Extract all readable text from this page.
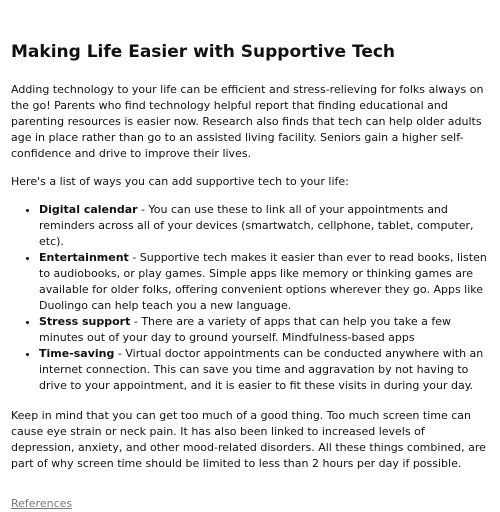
Making Life Easier with Supportive Tech

Adding technology to your life can be efficient and stress-relieving for folks always on the go! Parents who find technology helpful report that finding educational and parenting resources is easier now. Research also finds that tech can help older adults age in place rather than go to an assisted living facility. Seniors gain a higher self-confidence and drive to improve their lives.

Here's a list of ways you can add supportive tech to your life:

• Digital calendar - You can use these to link all of your appointments and reminders across all of your devices (smartwatch, cellphone, tablet, computer, etc).
• Entertainment - Supportive tech makes it easier than ever to read books, listen to audiobooks, or play games. Simple apps like memory or thinking games are available for older folks, offering convenient options wherever they go. Apps like Duolingo can help teach you a new language.
• Stress support - There are a variety of apps that can help you take a few minutes out of your day to ground yourself. Mindfulness-based apps
• Time-saving - Virtual doctor appointments can be conducted anywhere with an internet connection. This can save you time and aggravation by not having to drive to your appointment, and it is easier to fit these visits in during your day.

Keep in mind that you can get too much of a good thing. Too much screen time can cause eye strain or neck pain. It has also been linked to increased levels of depression, anxiety, and other mood-related disorders. All these things combined, are part of why screen time should be limited to less than 2 hours per day if possible.

References
